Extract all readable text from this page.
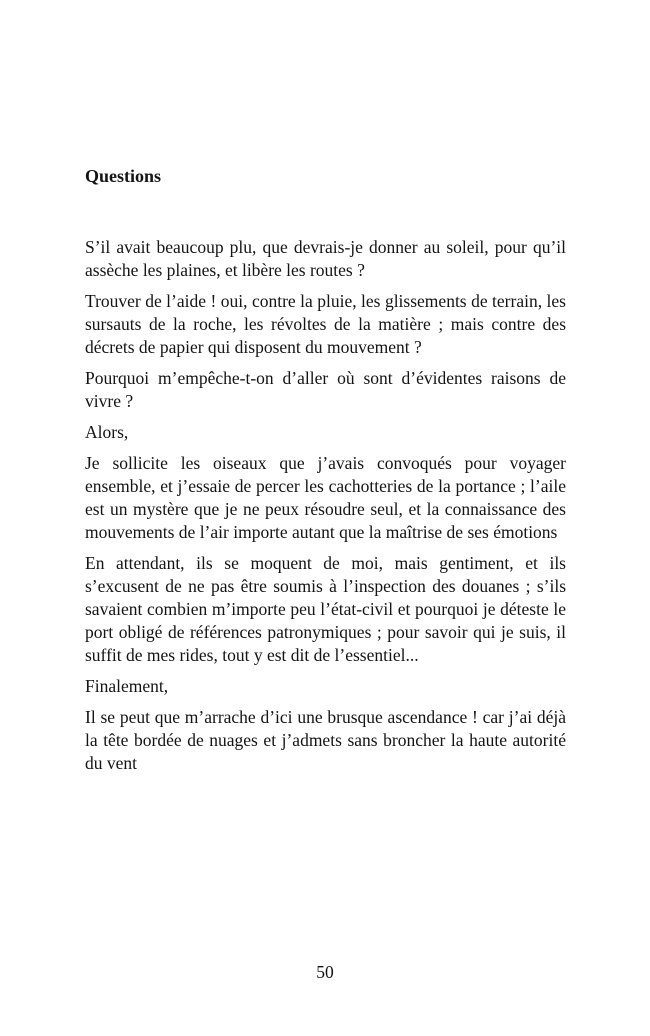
Questions

S’il avait beaucoup plu, que devrais-je donner au soleil, pour qu’il assèche les plaines, et libère les routes ?

Trouver de l’aide ! oui, contre la pluie, les glissements de terrain, les sursauts de la roche, les révoltes de la matière ; mais contre des décrets de papier qui disposent du mouvement ?

Pourquoi m’empêche-t-on d’aller où sont d’évidentes raisons de vivre ?

Alors,

Je sollicite les oiseaux que j’avais convoqués pour voyager ensemble, et j’essaie de percer les cachotteries de la portance ; l’aile est un mystère que je ne peux résoudre seul, et la connaissance des mouvements de l’air importe autant que la maîtrise de ses émotions

En attendant, ils se moquent de moi, mais gentiment, et ils s’excusent de ne pas être soumis à l’inspection des douanes ; s’ils savaient combien m’importe peu l’état-civil et pourquoi je déteste le port obligé de références patronymiques ; pour savoir qui je suis, il suffit de mes rides, tout y est dit de l’essentiel...

Finalement,

Il se peut que m’arrache d’ici une brusque ascendance ! car j’ai déjà la tête bordée de nuages et j’admets sans broncher la haute autorité du vent

50
